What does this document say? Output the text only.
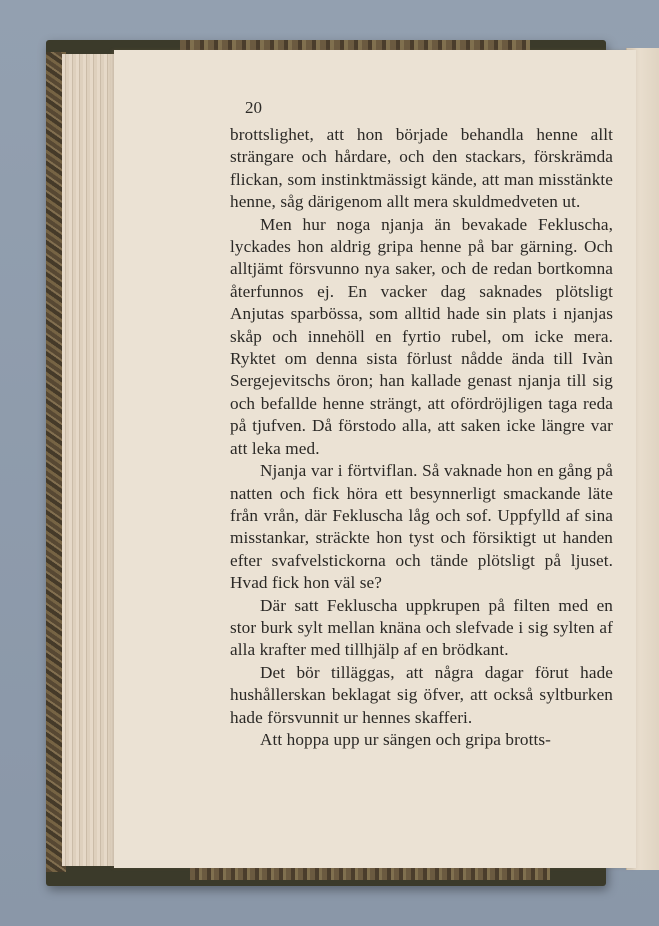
20

brottslighet, att hon började behandla henne allt strängare och hårdare, och den stackars, förskrämda flickan, som instinktmässigt kände, att man misstänkte henne, såg därigenom allt mera skuldmedveten ut.

Men hur noga njanja än bevakade Fekluscha, lyckades hon aldrig gripa henne på bar gärning. Och alltjämt försvunno nya saker, och de redan bortkomna återfunnos ej. En vacker dag saknades plötsligt Anjutas sparbössa, som alltid hade sin plats i njanjas skåp och innehöll en fyrtio rubel, om icke mera. Ryktet om denna sista förlust nådde ända till Ivàn Sergejevitschs öron; han kallade genast njanja till sig och befallde henne strängt, att ofördröjligen taga reda på tjufven. Då förstodo alla, att saken icke längre var att leka med.

Njanja var i förtviflan. Så vaknade hon en gång på natten och fick höra ett besynnerligt smackande läte från vrån, där Fekluscha låg och sof. Uppfylld af sina misstankar, sträckte hon tyst och försiktigt ut handen efter svafvelstickorna och tände plötsligt på ljuset. Hvad fick hon väl se?

Där satt Fekluscha uppkrupen på filten med en stor burk sylt mellan knäna och slefvade i sig sylten af alla krafter med tillhjälp af en brödkant.

Det bör tilläggas, att några dagar förut hade hushållerskan beklagat sig öfver, att också syltburken hade försvunnit ur hennes skafferi.

Att hoppa upp ur sängen och gripa brotts-
